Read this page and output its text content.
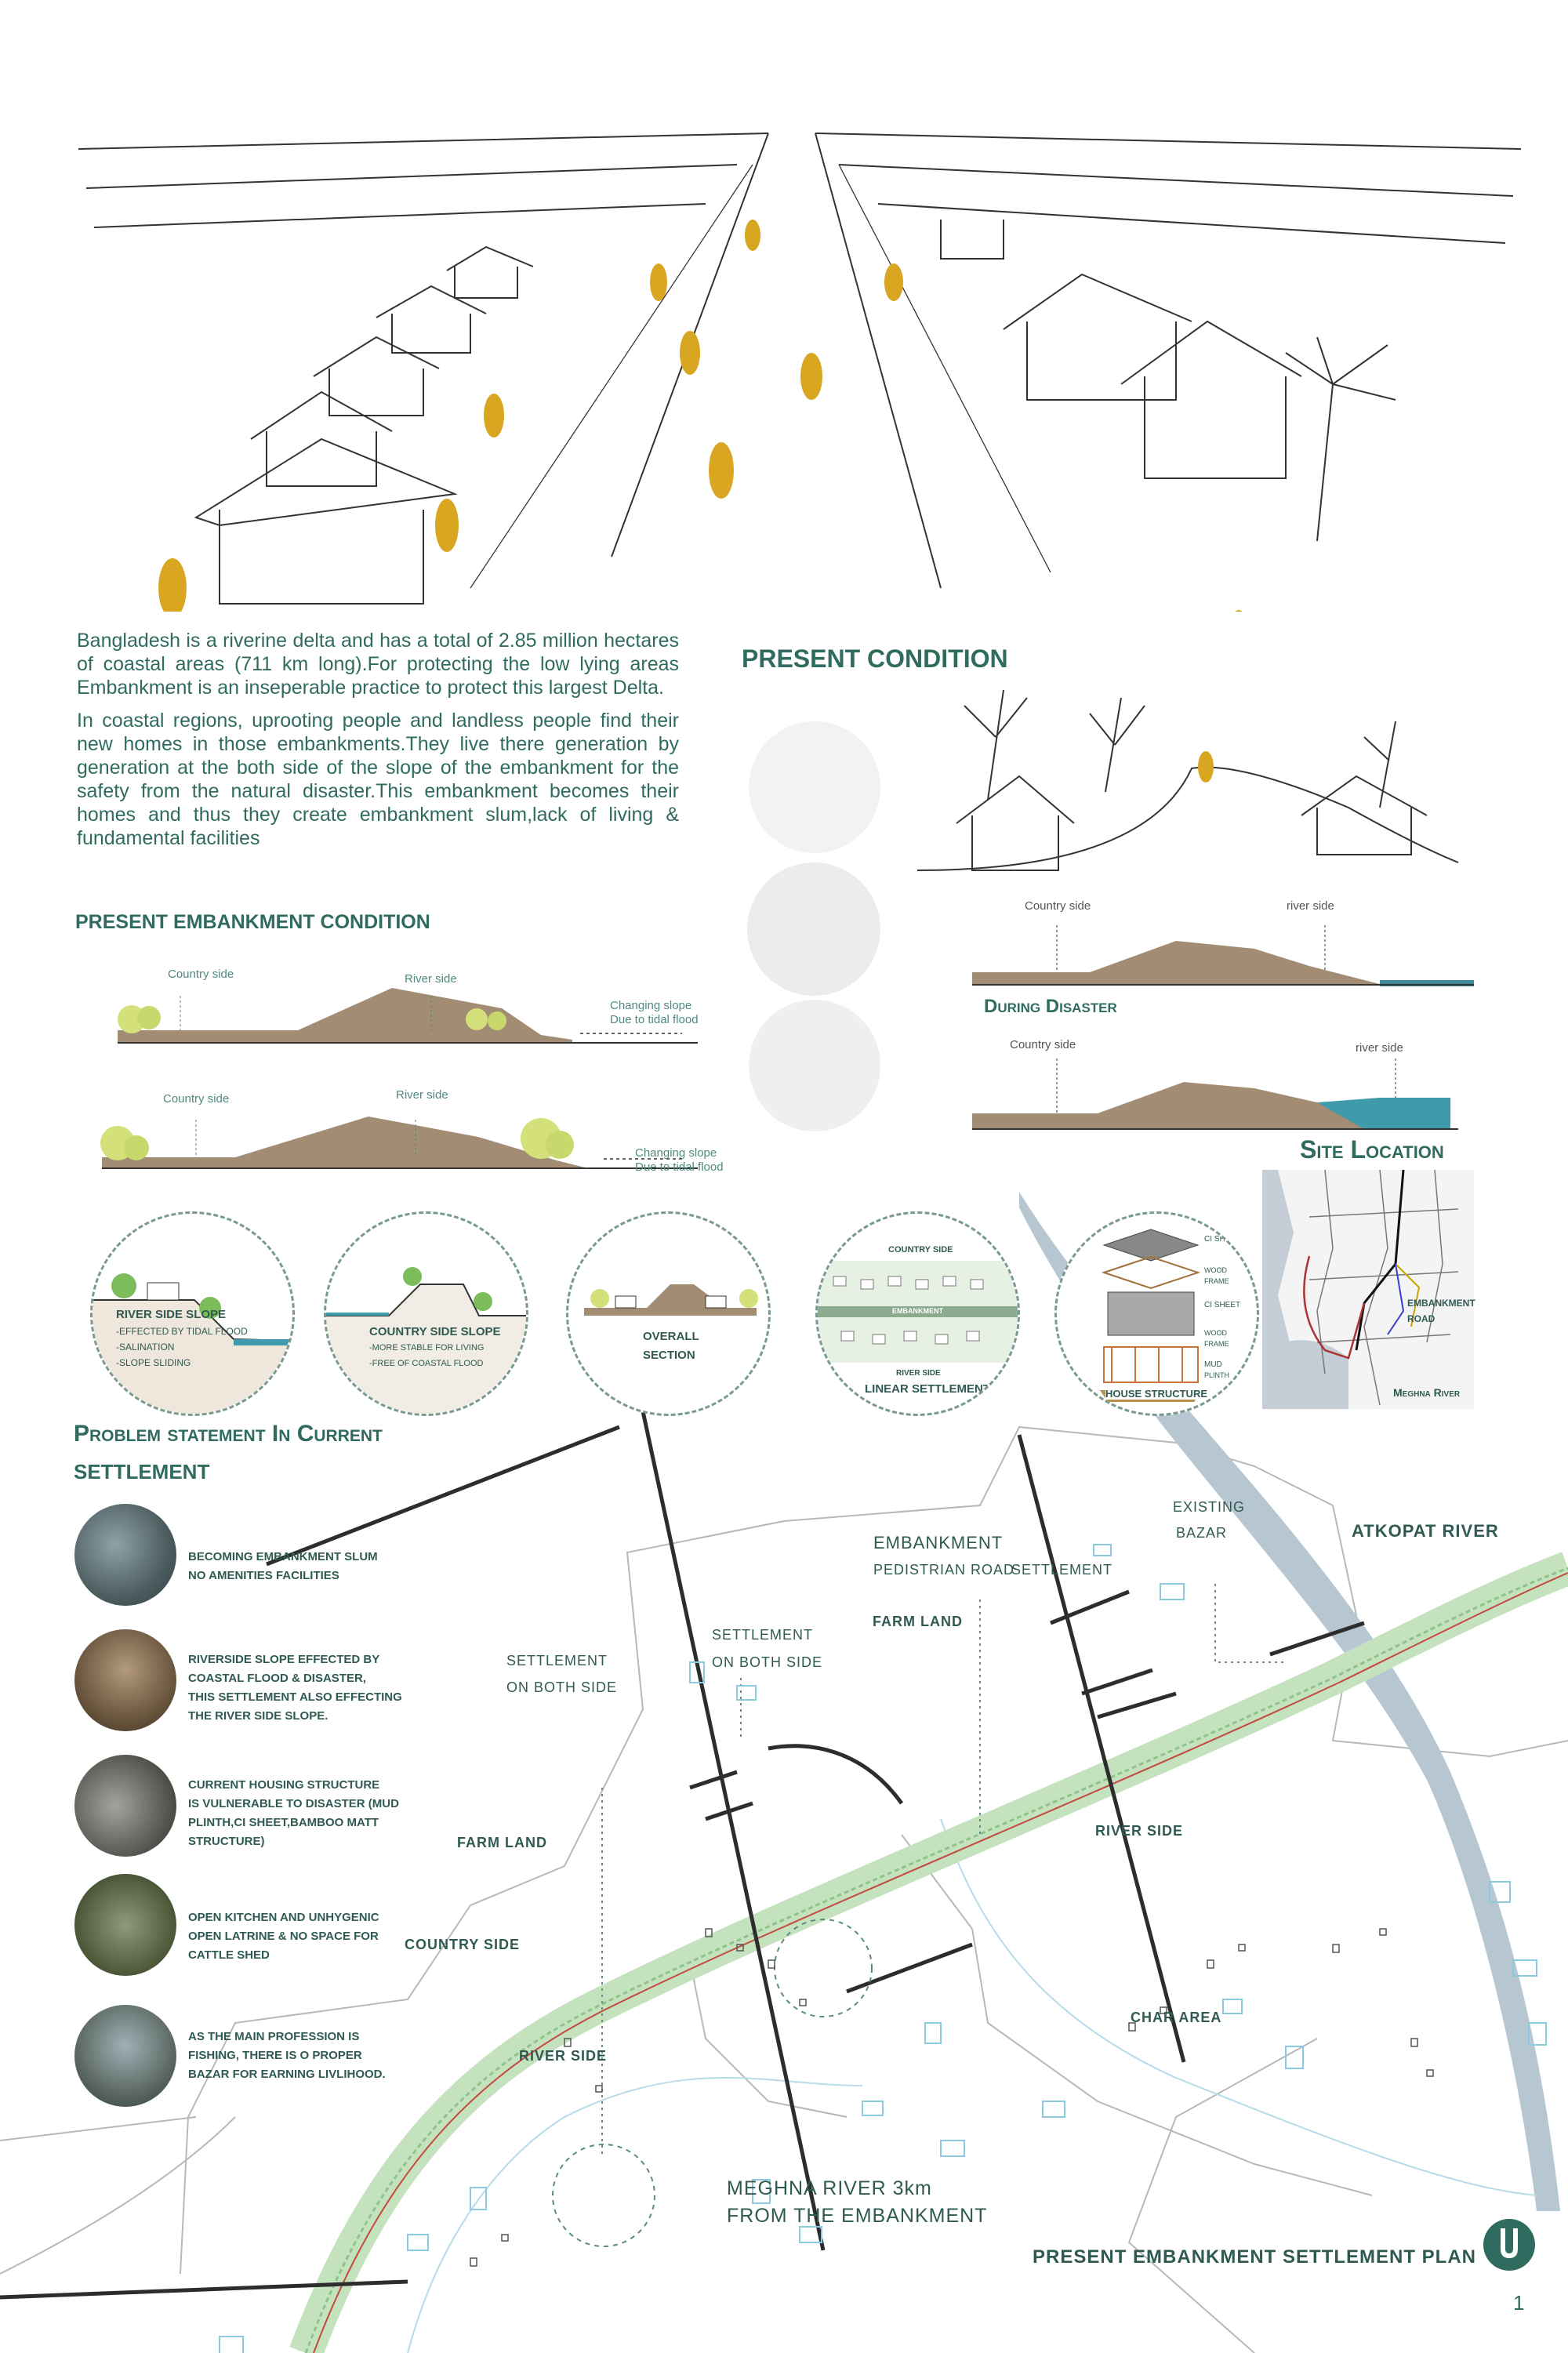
Bangladesh is a riverine delta and has a total of 2.85 million hectares of coastal areas (711 km long).For protecting the low lying areas Embankment is an inseperable practice to protect this largest Delta.

In coastal regions, uprooting people and landless people find their new homes in those embankments.They live there generation by generation at the both side of the slope of the embankment for the safety from the natural disaster.This embankment becomes their homes and thus they create embankment slum,lack of living & fundamental facilities

PRESENT EMBANKMENT CONDITION
Country side	River side
Changing slope
Due to tidal flood
Country side	River side
Changing slope
Due to tidal flood
PRESENT CONDITION
Country side	river side
During Disaster
Country side	river side
Site Location
EMBANKMENT
ROAD
Meghna River
RIVER SIDE SLOPE
-EFFECTED BY TIDAL FLOOD
-SALINATION
-SLOPE SLIDING
COUNTRY SIDE SLOPE
-MORE STABLE FOR LIVING
-FREE OF COASTAL FLOOD
OVERALL
SECTION
COUNTRY SIDE
EMBANKMENT
RIVER SIDE
LINEAR SETTLEMENT
CI SHEET
WOOD
FRAME
CI SHEET
WOOD
FRAME
MUD
PLINTH
HOUSE STRUCTURE
Problem statement In Current
SETTLEMENT
BECOMING EMBANKMENT SLUM
NO AMENITIES FACILITIES
RIVERSIDE SLOPE EFFECTED BY
COASTAL FLOOD & DISASTER,
THIS SETTLEMENT ALSO EFFECTING
THE RIVER SIDE SLOPE.
CURRENT HOUSING STRUCTURE
IS VULNERABLE TO DISASTER (MUD
PLINTH,CI SHEET,BAMBOO MATT
STRUCTURE)
OPEN KITCHEN AND UNHYGENIC
OPEN LATRINE & NO SPACE FOR
CATTLE SHED
AS THE MAIN PROFESSION IS
FISHING, THERE IS O PROPER
BAZAR FOR EARNING LIVLIHOOD.
EMBANKMENT
PEDISTRIAN ROAD
SETTLEMENT
EXISTING
BAZAR	ATKOPAT RIVER
FARM LAND
SETTLEMENT
ON BOTH SIDE
SETTLEMENT
ON BOTH SIDE
RIVER SIDE
FARM LAND
COUNTRY SIDE
RIVER SIDE
CHAR AREA
MEGHNA RIVER 3km
FROM THE EMBANKMENT
PRESENT EMBANKMENT SETTLEMENT PLAN
1
